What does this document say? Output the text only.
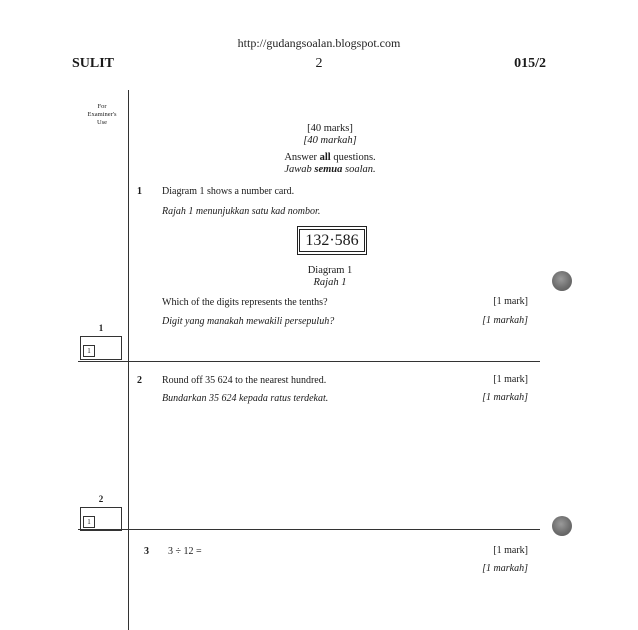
http://gudangsoalan.blogspot.com
SULIT	2	015/2
For
Examiner's
Use
[40 marks]
[40 markah]
Answer all questions.
Jawab semua soalan.
1 Diagram 1 shows a number card.
Rajah 1 menunjukkan satu kad nombor.
132·586
Diagram 1
Rajah 1
Which of the digits represents the tenths?
Digit yang manakah mewakili persepuluh?
[1 mark]
[1 markah]
1
1
2 Round off 35 624 to the nearest hundred.
Bundarkan 35 624 kepada ratus terdekat.
[1 mark]
[1 markah]
2
1
3 3 ÷ 12 =	[1 mark]
[1 markah]
